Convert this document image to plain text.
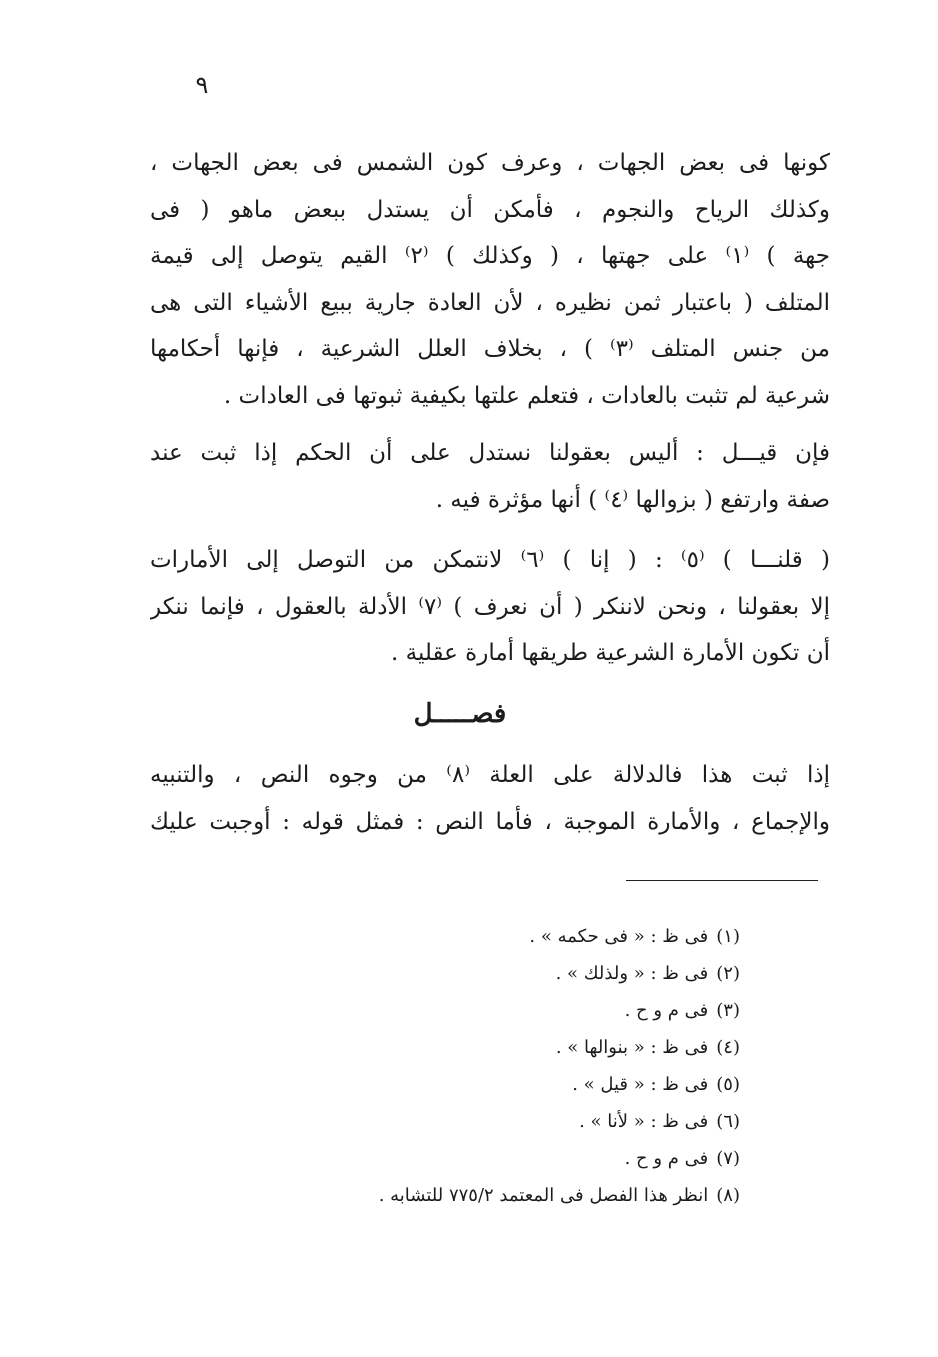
٩
كونها فى بعض الجهات ، وعرف كون الشمس فى بعض الجهات ،
وكذلك الرياح والنجوم ، فأمكن أن يستدل ببعض ماهو ( فى
جهة ) ⁽١⁾ على جهتها ، ( وكذلك ) ⁽٢⁾ القيم يتوصل إلى قيمة
المتلف ( باعتبار ثمن نظيره ، لأن العادة جارية ببيع الأشياء التى هى
من جنس المتلف ⁽٣⁾ ) ، بخلاف العلل الشرعية ، فإنها أحكامها
شرعية لم تثبت بالعادات ، فتعلم علتها بكيفية ثبوتها فى العادات .
فإن قيـــل : أليس بعقولنا نستدل على أن الحكم إذا ثبت عند
صفة وارتفع ( بزوالها ⁽٤⁾ ) أنها مؤثرة فيه .
( قلنـــا ) ⁽٥⁾ : ( إنا ) ⁽٦⁾ لانتمكن من التوصل إلى الأمارات
إلا بعقولنا ، ونحن لاننكر ( أن نعرف ) ⁽٧⁾ الأدلة بالعقول ، فإنما ننكر
أن تكون الأمارة الشرعية طريقها أمارة عقلية .
فصـــــل
إذا ثبت هذا فالدلالة على العلة ⁽٨⁾ من وجوه النص ، والتنبيه
والإجماع ، والأمارة الموجبة ، فأما النص : فمثل قوله : أوجبت عليك
(١) فى ظ : « فى حكمه » .
(٢) فى ظ : « ولذلك » .
(٣) فى م و ح .
(٤) فى ظ : « بنوالها » .
(٥) فى ظ : « قيل » .
(٦) فى ظ : « لأنا » .
(٧) فى م و ح .
(٨) انظر هذا الفصل فى المعتمد ٧٧٥/٢ للتشابه .
